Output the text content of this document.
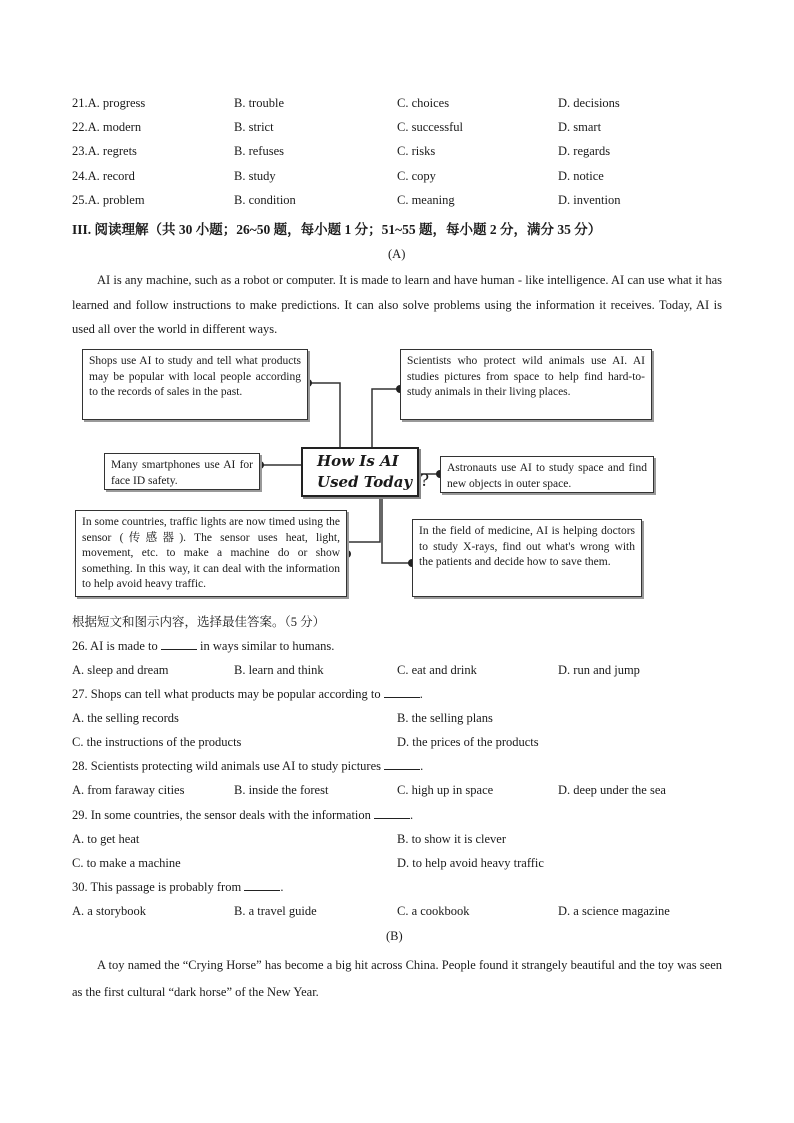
21.A. progress	B. trouble	C. choices	D. decisions
22.A. modern	B. strict	C. successful	D. smart
23.A. regrets	B. refuses	C. risks	D. regards
24.A. record	B. study	C. copy	D. notice
25.A. problem	B. condition	C. meaning	D. invention
III. 阅读理解（共 30 小题；26~50 题，每小题 1 分；51~55 题，每小题 2 分，满分 35 分）
(A)
AI is any machine, such as a robot or computer. It is made to learn and have human - like intelligence. AI can use what it has learned and follow instructions to make predictions. It can also solve problems using the information it receives. Today, AI is used all over the world in different ways.
Shops use AI to study and tell what products may be popular with local people according to the records of sales in the past.
Many smartphones use AI for face ID safety.
In some countries, traffic lights are now timed using the sensor (传感器). The sensor uses heat, light, movement, etc. to make a machine do or show something. In this way, it can deal with the information to help avoid heavy traffic.
Scientists who protect wild animals use AI. AI studies pictures from space to help find hard-to-study animals in their living places.
Astronauts use AI to study space and find new objects in outer space.
In the field of medicine, AI is helping doctors to study X-rays, find out what's wrong with the patients and decide how to save them.
How Is AI
Used Today ?
根据短文和图示内容，选择最佳答案。（5 分）
26. AI is made to	in ways similar to humans.
A. sleep and dream	B. learn and think	C. eat and drink	D. run and jump
27. Shops can tell what products may be popular according to	.
A. the selling records	B. the selling plans
C. the instructions of the products	D. the prices of the products
28. Scientists protecting wild animals use AI to study pictures	.
A. from faraway cities	B. inside the forest	C. high up in space	D. deep under the sea
29. In some countries, the sensor deals with the information	.
A. to get heat	B. to show it is clever
C. to make a machine	D. to help avoid heavy traffic
30. This passage is probably from	.
A. a storybook	B. a travel guide	C. a cookbook	D. a science magazine
(B)
A toy named the “Crying Horse” has become a big hit across China. People found it strangely beautiful and the toy was seen as the first cultural “dark horse” of the New Year.
